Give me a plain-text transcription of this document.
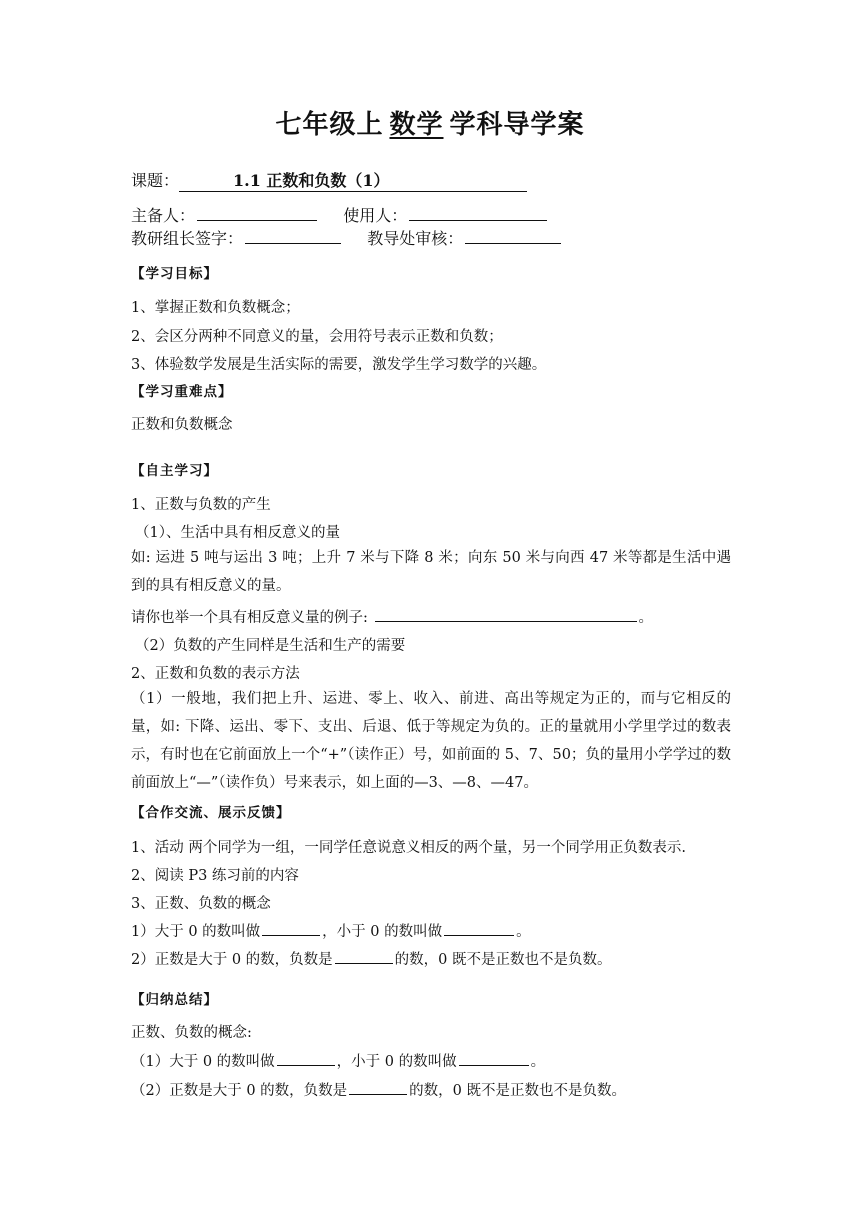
七年级上 数学 学科导学案
课题：	1.1 正数和负数（1）
主备人：	使用人：
教研组长签字：	教导处审核：
【学习目标】
1、掌握正数和负数概念；
2、会区分两种不同意义的量，会用符号表示正数和负数；
3、体验数学发展是生活实际的需要，激发学生学习数学的兴趣。
【学习重难点】
正数和负数概念
【自主学习】
1、正数与负数的产生
（1）、生活中具有相反意义的量
如: 运进 5 吨与运出 3 吨；上升 7 米与下降 8 米；向东 50 米与向西 47 米等都是生活中遇到的具有相反意义的量。
请你也举一个具有相反意义量的例子:	。
（2）负数的产生同样是生活和生产的需要
2、正数和负数的表示方法
（1）一般地，我们把上升、运进、零上、收入、前进、高出等规定为正的，而与它相反的量，如: 下降、运出、零下、支出、后退、低于等规定为负的。正的量就用小学里学过的数表示，有时也在它前面放上一个“+”（读作正）号，如前面的 5、7、50；负的量用小学学过的数前面放上“—”（读作负）号来表示，如上面的—3、—8、—47。
【合作交流、展示反馈】
1、活动 两个同学为一组，一同学任意说意义相反的两个量，另一个同学用正负数表示.
2、阅读 P3 练习前的内容
3、正数、负数的概念
1）大于 0 的数叫做	，小于 0 的数叫做	。
2）正数是大于 0 的数，负数是	的数，0 既不是正数也不是负数。
【归纳总结】
正数、负数的概念:
（1）大于 0 的数叫做	，小于 0 的数叫做	。
（2）正数是大于 0 的数，负数是	的数，0 既不是正数也不是负数。
